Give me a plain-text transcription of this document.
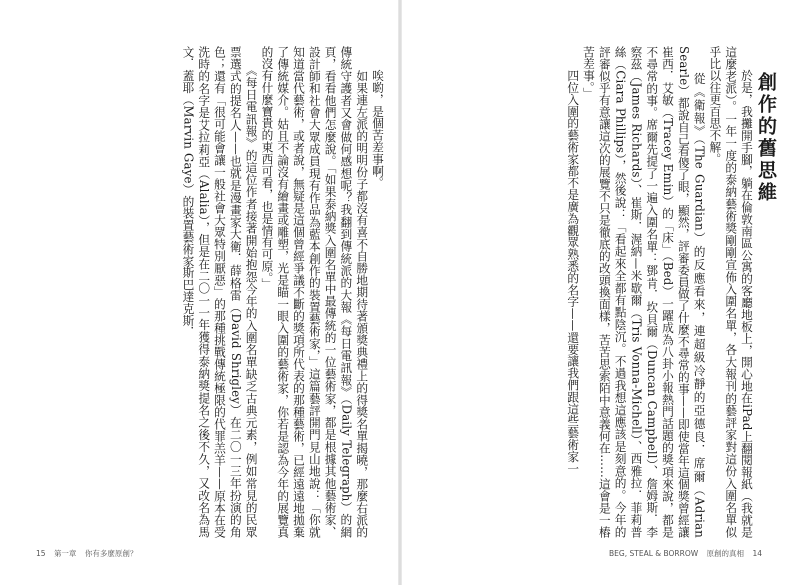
創作的舊思維
　　於是，我攤開手腳，躺在倫敦南區公寓的客廳地板上，開心地在iPad上翻閱報紙（我就是這麼老派）。一年一度的泰納藝術獎剛剛宣佈入圍名單，各大報刊的藝評家對這份入圍名單似乎比以往更百思不解。
　　從《衛報》（The Guardian）的反應看來，連超級冷靜的亞德良．席爾（Adrian Searle）都說自己看傻了眼，顯然，評審委員做了什麼不尋常的事——即使當年這個獎曾經讓崔西．艾敏（Tracey Emin）的「床」（Bed）一躍成為八卦小報熱門話題的獎項來說，都是不尋常的事。席爾先提了一遍入圍名單：鄧肯．坎貝爾（Duncan Campbell）、詹姆斯．李察茲（James Richards）、崔斯．渥納—米歇爾（Tris Vonna-Michell）、西雅拉．菲莉普絲（Ciara Phillips），然後說：「看起來全都有點陰沉。不過我想這應該是刻意的。今年的評審似乎有意讓這次的展覽不只是徹底的改頭換面樣，苦苦思索陌中意義何在……這會是一樁苦差事。」
　　四位入圍的藝術家都不是廣為觀眾熟悉的名字——還要讓我們跟這些藝術家一
　　唉喲，是個苦差事啊。
　　如果連左派的明明份子都沒有喜不自勝地期待著頒獎典禮上的得獎名單揭曉，那麼右派的傳統守護者又會做何感想呢？我翻到傳統派的大報《每日電訊報》（Daily Telegraph）的網頁，看看他們怎麼說。「如果泰納獎入圍名單中最傳統的一位藝術家，都是根據其他藝術家、設計師和社會大眾成員現有作品為藍本創作的裝置藝術家，」這篇藝評開門見山地說：「你就知道當代藝術，或者說，無疑是這個曾經爭議不斷的獎項所代表的那種藝術，已經遠遠地拋棄了傳統媒介。姑且不論沒有繪畫或雕塑，光是瞄一眼入圍的藝術家，你若是認為今年的展覽真的沒有什麼寶貴的東西可看，也是情有可原。」
　　《每日電訊報》的這位作者接著開始抱怨今年的入圍名單缺乏古典元素，例如常見的民眾票選式的提名人——也就是漫畫家大衛．薛格雷（David Shrigley）在二〇一三年扮演的角色；還有「很可能會讓一般社會大眾特別厭惡」的那種挑戰傳統極限的代罪羔羊——原本在受洗時的名字是艾拉莉亞（Alalia），但是在二〇一一年獲得泰納獎提名之後不久，又改名為馬文．蓋耶（Marvin Gaye）的裝置藝術家斯巴達克斯．
15 第一章 你有多麼原創？	BEG, STEAL & BORROW 原創的真相 14
